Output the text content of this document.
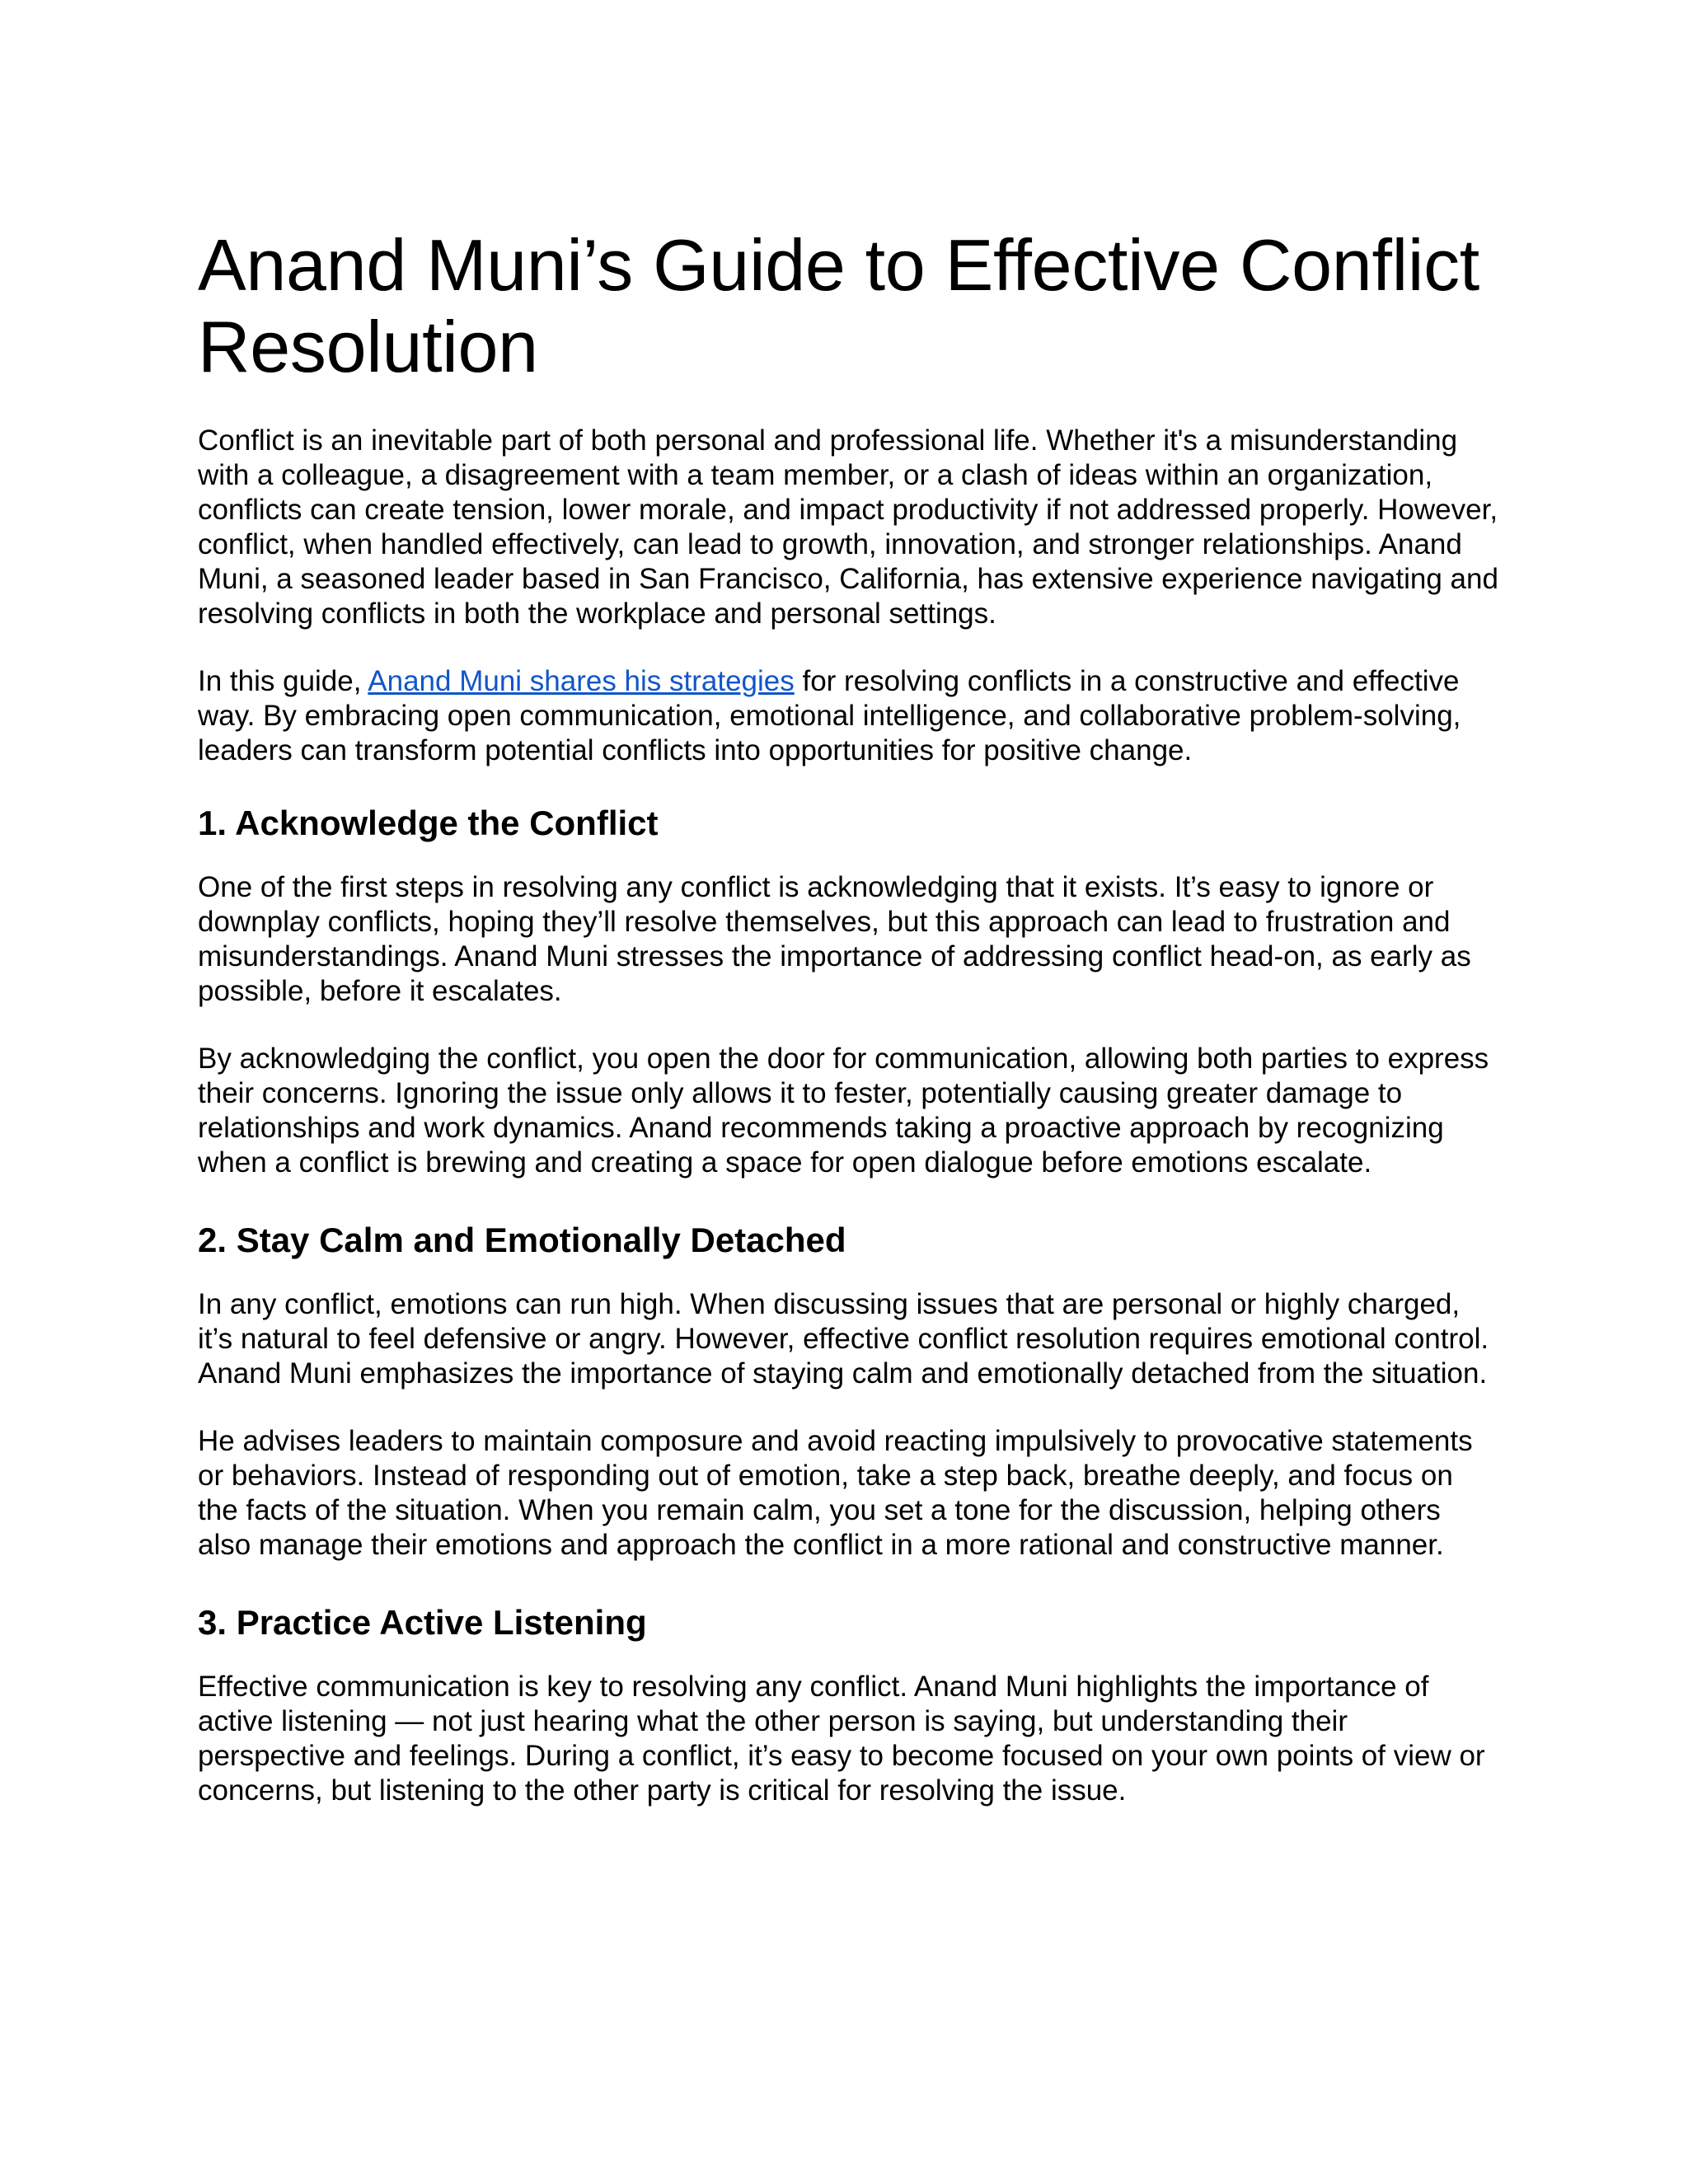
Anand Muni’s Guide to Effective Conflict Resolution

Conflict is an inevitable part of both personal and professional life. Whether it's a misunderstanding with a colleague, a disagreement with a team member, or a clash of ideas within an organization, conflicts can create tension, lower morale, and impact productivity if not addressed properly. However, conflict, when handled effectively, can lead to growth, innovation, and stronger relationships. Anand Muni, a seasoned leader based in San Francisco, California, has extensive experience navigating and resolving conflicts in both the workplace and personal settings.

In this guide, Anand Muni shares his strategies for resolving conflicts in a constructive and effective way. By embracing open communication, emotional intelligence, and collaborative problem-solving, leaders can transform potential conflicts into opportunities for positive change.

1. Acknowledge the Conflict

One of the first steps in resolving any conflict is acknowledging that it exists. It’s easy to ignore or downplay conflicts, hoping they’ll resolve themselves, but this approach can lead to frustration and misunderstandings. Anand Muni stresses the importance of addressing conflict head-on, as early as possible, before it escalates.

By acknowledging the conflict, you open the door for communication, allowing both parties to express their concerns. Ignoring the issue only allows it to fester, potentially causing greater damage to relationships and work dynamics. Anand recommends taking a proactive approach by recognizing when a conflict is brewing and creating a space for open dialogue before emotions escalate.

2. Stay Calm and Emotionally Detached

In any conflict, emotions can run high. When discussing issues that are personal or highly charged, it’s natural to feel defensive or angry. However, effective conflict resolution requires emotional control. Anand Muni emphasizes the importance of staying calm and emotionally detached from the situation.

He advises leaders to maintain composure and avoid reacting impulsively to provocative statements or behaviors. Instead of responding out of emotion, take a step back, breathe deeply, and focus on the facts of the situation. When you remain calm, you set a tone for the discussion, helping others also manage their emotions and approach the conflict in a more rational and constructive manner.

3. Practice Active Listening

Effective communication is key to resolving any conflict. Anand Muni highlights the importance of active listening — not just hearing what the other person is saying, but understanding their perspective and feelings. During a conflict, it’s easy to become focused on your own points of view or concerns, but listening to the other party is critical for resolving the issue.
